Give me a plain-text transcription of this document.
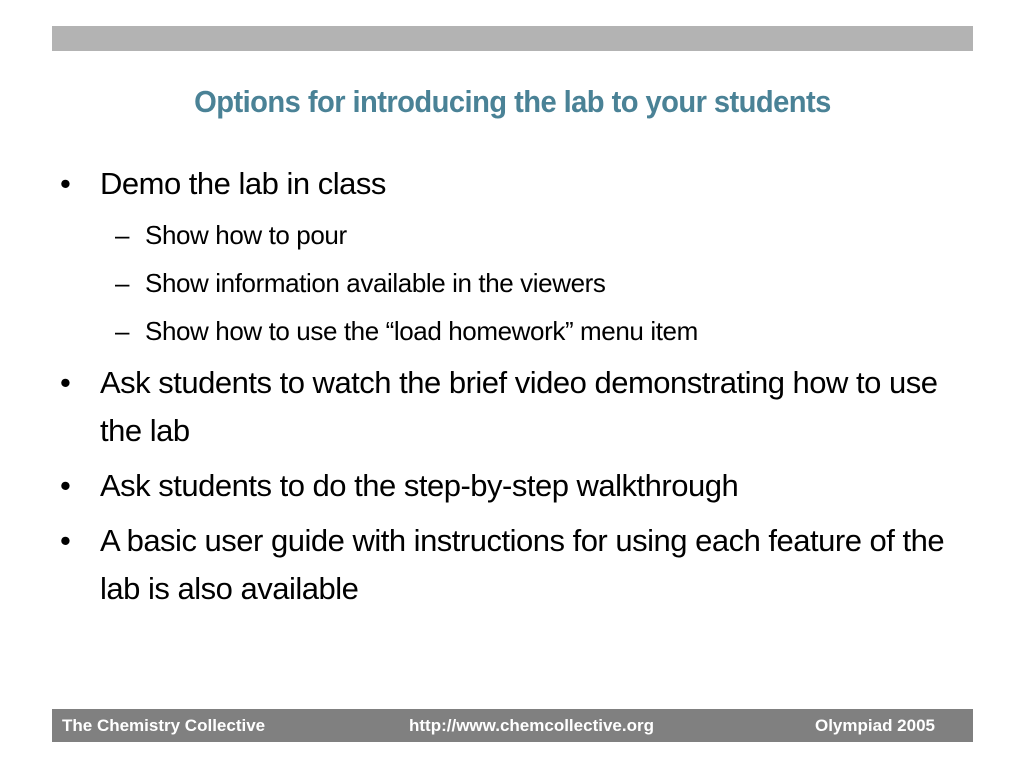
Options for introducing the lab to your students
• Demo the lab in class
– Show how to pour
– Show information available in the viewers
– Show how to use the “load homework” menu item
• Ask students to watch the brief video demonstrating how to use the lab
• Ask students to do the step-by-step walkthrough
• A basic user guide with instructions for using each feature of the lab is also available
The Chemistry Collective	http://www.chemcollective.org	Olympiad 2005
